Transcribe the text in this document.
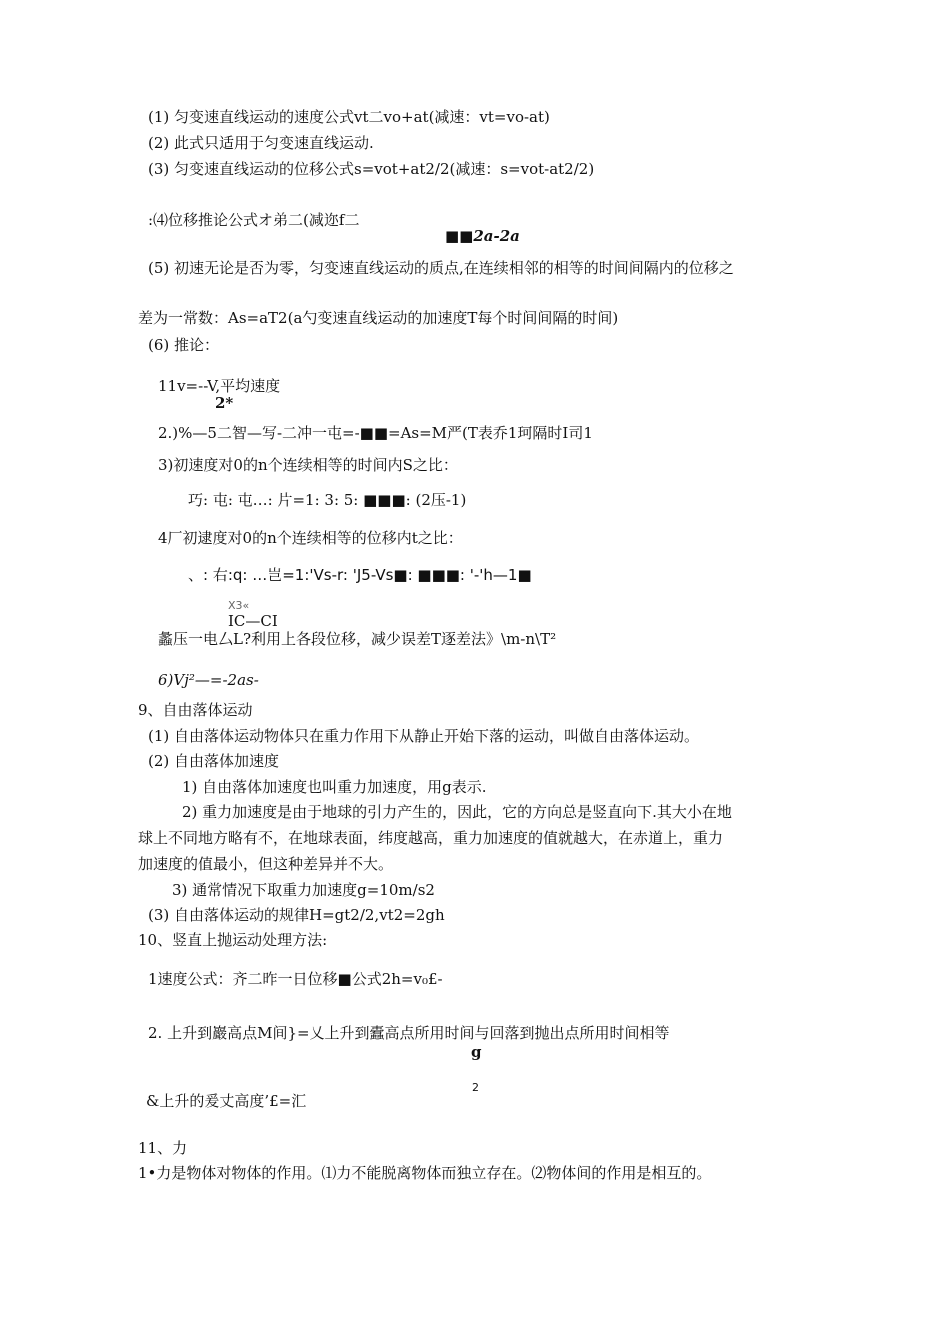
(1) 匀变速直线运动的速度公式vt二vo+at(减速：vt=vo-at)
(2) 此式只适用于匀变速直线运动.
(3) 匀变速直线运动的位移公式s=vot+at2/2(减速：s=vot-at2/2)
:⑷位移推论公式オ弟二(减迩f二
■■2a-2a
(5) 初速无论是否为零，匀变速直线运动的质点,在连续相邻的相等的时间间隔内的位移之
差为一常数：As=aT2(a勺变速直线运动的加速度T每个时间间隔的时间)
(6) 推论：
11v=--V,平均速度
2*
2.)%—5二智—写-二冲一屯=-■■=As=M严(T表乔1珂隔时I司1
3)初速度对0的n个连续相等的时间内S之比：
巧: 屯: 屯…: 片=1: 3: 5: ■■■: (2压-1)
4厂初逮度对0的n个连续相等的位移内t之比：
、: 右:q: …岂=1:'Vs-r: 'J5-Vs■: ■■■: '-'h—1■
X3«
IC—CI
蠡压一电厶L?利用上各段位移，减少误差T逐差法》\m-n\T²
6)Vj²—=-2as-
9、自由落体运动
(1) 自由落体运动物体只在重力作用下从静止开始下落的运动，叫做自由落体运动。
(2) 自由落体加速度
1) 自由落体加速度也叫重力加速度，用g表示.
2) 重力加速度是由于地球的引力产生的，因此，它的方向总是竖直向下.其大小在地
球上不同地方略有不，在地球表面，纬度越高，重力加速度的值就越大，在赤道上，重力
加速度的值最小，但这种差异并不大。
3) 通常情况下取重力加速度g=10m/s2
(3) 自由落体运动的规律H=gt2/2,vt2=2gh
10、竖直上抛运动处理方法:
1速度公式：齐二昨一日位移■公式2h=v₀£-
2. 上升到巖高点M间}=乂上升到蠹高点所用时间与回落到抛出点所用时间相等
g
2
&上升的爰丈高度’£=汇
11、力
1•力是物体对物体的作用。⑴力不能脱离物体而独立存在。⑵物体间的作用是相互的。
